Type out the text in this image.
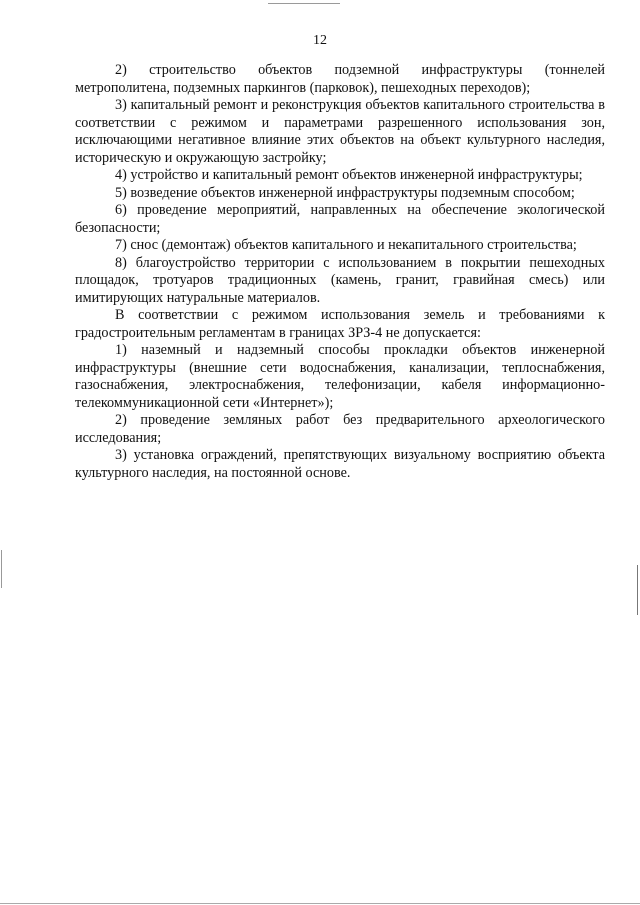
12

2) строительство объектов подземной инфраструктуры (тоннелей метрополитена, подземных паркингов (парковок), пешеходных переходов);

3) капитальный ремонт и реконструкция объектов капитального строительства в соответствии с режимом и параметрами разрешенного использования зон, исключающими негативное влияние этих объектов на объект культурного наследия, историческую и окружающую застройку;

4) устройство и капитальный ремонт объектов инженерной инфраструктуры;

5) возведение объектов инженерной инфраструктуры подземным способом;

6) проведение мероприятий, направленных на обеспечение экологической безопасности;

7) снос (демонтаж) объектов капитального и некапитального строительства;

8) благоустройство территории с использованием в покрытии пешеходных площадок, тротуаров традиционных (камень, гранит, гравийная смесь) или имитирующих натуральные материалов.

В соответствии с режимом использования земель и требованиями к градостроительным регламентам в границах ЗРЗ-4 не допускается:

1) наземный и надземный способы прокладки объектов инженерной инфраструктуры (внешние сети водоснабжения, канализации, теплоснабжения, газоснабжения, электроснабжения, телефонизации, кабеля информационно-телекоммуникационной сети «Интернет»);

2) проведение земляных работ без предварительного археологического исследования;

3) установка ограждений, препятствующих визуальному восприятию объекта культурного наследия, на постоянной основе.
